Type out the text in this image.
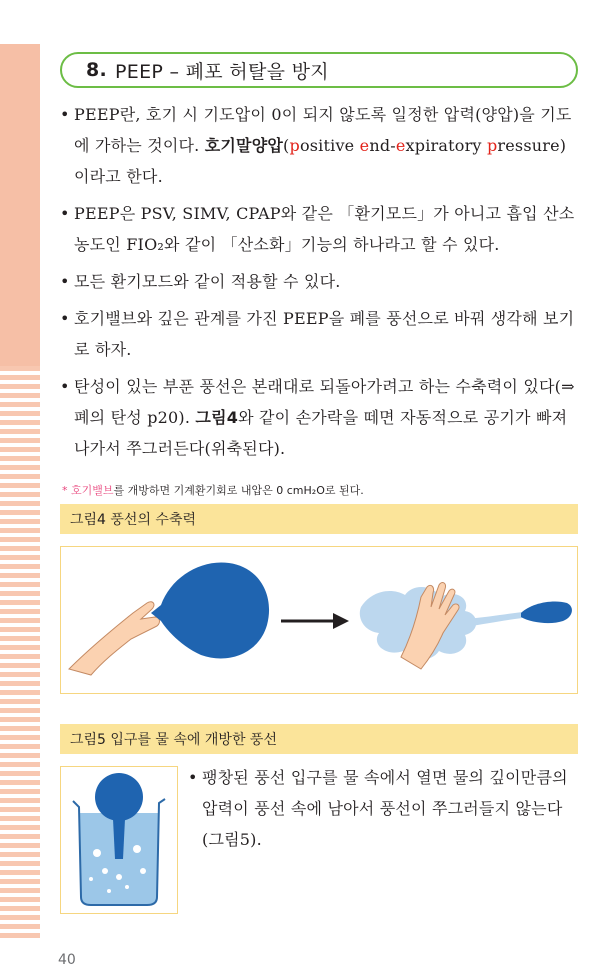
8. PEEP – 폐포 허탈을 방지
• PEEP란, 호기 시 기도압이 0이 되지 않도록 일정한 압력(양압)을 기도에 가하는 것이다. 호기말양압(positive end-expiratory pressure)이라고 한다.
• PEEP은 PSV, SIMV, CPAP와 같은 「환기모드」가 아니고 흡입 산소농도인 FIO₂와 같이 「산소화」기능의 하나라고 할 수 있다.
• 모든 환기모드와 같이 적용할 수 있다.
• 호기밸브와 깊은 관계를 가진 PEEP을 폐를 풍선으로 바꿔 생각해 보기로 하자.
• 탄성이 있는 부푼 풍선은 본래대로 되돌아가려고 하는 수축력이 있다(⇒폐의 탄성 p20). 그림4와 같이 손가락을 떼면 자동적으로 공기가 빠져나가서 쭈그러든다(위축된다).
* 호기밸브를 개방하면 기계환기회로 내압은 0 cmH₂O로 된다.
그림4 풍선의 수축력
그림5 입구를 물 속에 개방한 풍선
• 팽창된 풍선 입구를 물 속에서 열면 물의 깊이만큼의 압력이 풍선 속에 남아서 풍선이 쭈그러들지 않는다(그림5).
40
